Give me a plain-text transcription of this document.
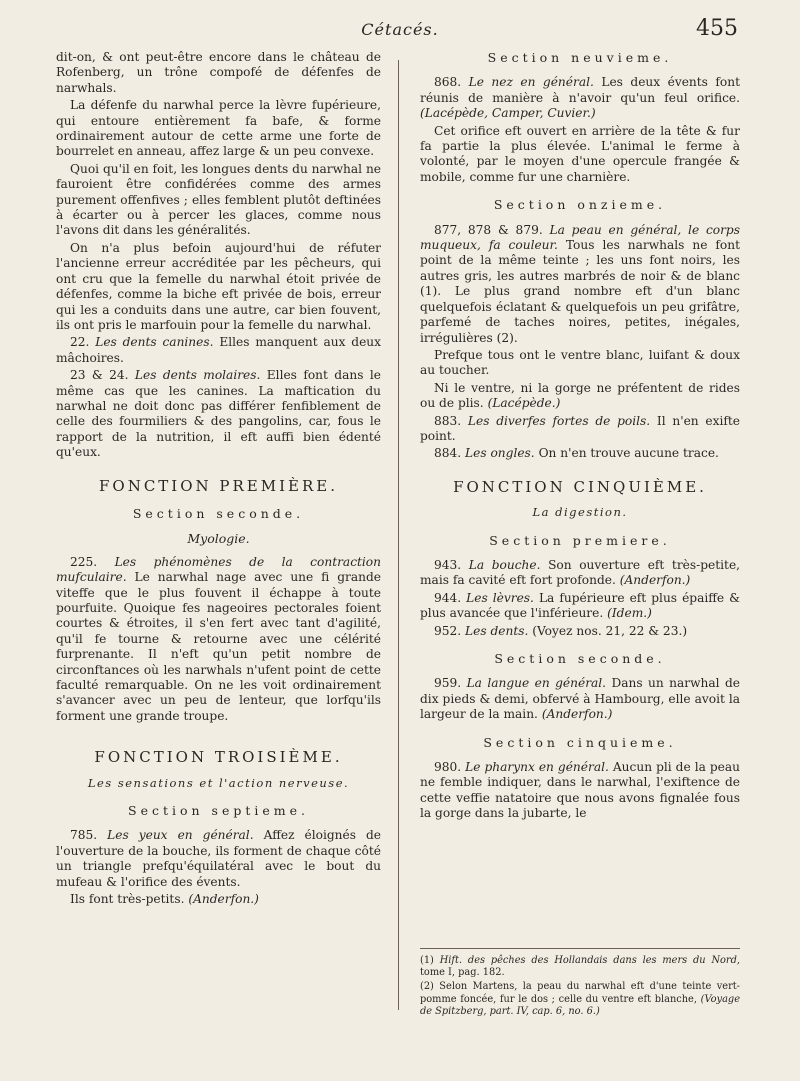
Cétacés.	455

dit-on, & ont peut-être encore dans le château de Rofenberg, un trône compofé de défenfes de narwhals.

La défenfe du narwhal perce la lèvre fupérieure, qui entoure entièrement fa bafe, & forme ordinairement autour de cette arme une forte de bourrelet en anneau, affez large & un peu convexe.

Quoi qu'il en foit, les longues dents du narwhal ne fauroient être confidérées comme des armes purement offenfives ; elles femblent plutôt deftinées à écarter ou à percer les glaces, comme nous l'avons dit dans les généralités.

On n'a plus befoin aujourd'hui de réfuter l'ancienne erreur accréditée par les pêcheurs, qui ont cru que la femelle du narwhal étoit privée de défenfes, comme la biche eft privée de bois, erreur qui les a conduits dans une autre, car bien fouvent, ils ont pris le marfouin pour la femelle du narwhal.

22. Les dents canines. Elles manquent aux deux mâchoires.

23 & 24. Les dents molaires. Elles font dans le même cas que les canines. La maftication du narwhal ne doit donc pas différer fenfiblement de celle des fourmiliers & des pangolins, car, fous le rapport de la nutrition, il eft auffi bien édenté qu'eux.

FONCTION PREMIÈRE.
Section seconde.
Myologie.

225. Les phénomènes de la contraction mufculaire. Le narwhal nage avec une fi grande viteffe que le plus fouvent il échappe à toute pourfuite. Quoique fes nageoires pectorales foient courtes & étroites, il s'en fert avec tant d'agilité, qu'il fe tourne & retourne avec une célérité furprenante. Il n'eft qu'un petit nombre de circonftances où les narwhals n'ufent point de cette faculté remarquable. On ne les voit ordinairement s'avancer avec un peu de lenteur, que lorfqu'ils forment une grande troupe.

FONCTION TROISIÈME.
Les sensations et l'action nerveuse.
Section septieme.

785. Les yeux en général. Affez éloignés de l'ouverture de la bouche, ils forment de chaque côté un triangle prefqu'équilatéral avec le bout du mufeau & l'orifice des évents.

Ils font très-petits. (Anderfon.)

Section neuvieme.

868. Le nez en général. Les deux évents font réunis de manière à n'avoir qu'un feul orifice. (Lacépède, Camper, Cuvier.)

Cet orifice eft ouvert en arrière de la tête & fur fa partie la plus élevée. L'animal le ferme à volonté, par le moyen d'une opercule frangée & mobile, comme fur une charnière.

Section onzieme.

877, 878 & 879. La peau en général, le corps muqueux, fa couleur. Tous les narwhals ne font point de la même teinte ; les uns font noirs, les autres gris, les autres marbrés de noir & de blanc (1). Le plus grand nombre eft d'un blanc quelquefois éclatant & quelquefois un peu grifâtre, parfemé de taches noires, petites, inégales, irrégulières (2).

Prefque tous ont le ventre blanc, luifant & doux au toucher.

Ni le ventre, ni la gorge ne préfentent de rides ou de plis. (Lacépède.)

883. Les diverfes fortes de poils. Il n'en exifte point.

884. Les ongles. On n'en trouve aucune trace.

FONCTION CINQUIÈME.
La digestion.
Section premiere.

943. La bouche. Son ouverture eft très-petite, mais fa cavité eft fort profonde. (Anderfon.)

944. Les lèvres. La fupérieure eft plus épaiffe & plus avancée que l'inférieure. (Idem.)

952. Les dents. (Voyez nos. 21, 22 & 23.)

Section seconde.

959. La langue en général. Dans un narwhal de dix pieds & demi, obfervé à Hambourg, elle avoit la largeur de la main. (Anderfon.)

Section cinquieme.

980. Le pharynx en général. Aucun pli de la peau ne femble indiquer, dans le narwhal, l'exiftence de cette veffie natatoire que nous avons fignalée fous la gorge dans la jubarte, le

(1) Hift. des pêches des Hollandais dans les mers du Nord, tome I, pag. 182.

(2) Selon Martens, la peau du narwhal eft d'une teinte vert-pomme foncée, fur le dos ; celle du ventre eft blanche, (Voyage de Spitzberg, part. IV, cap. 6, no. 6.)
